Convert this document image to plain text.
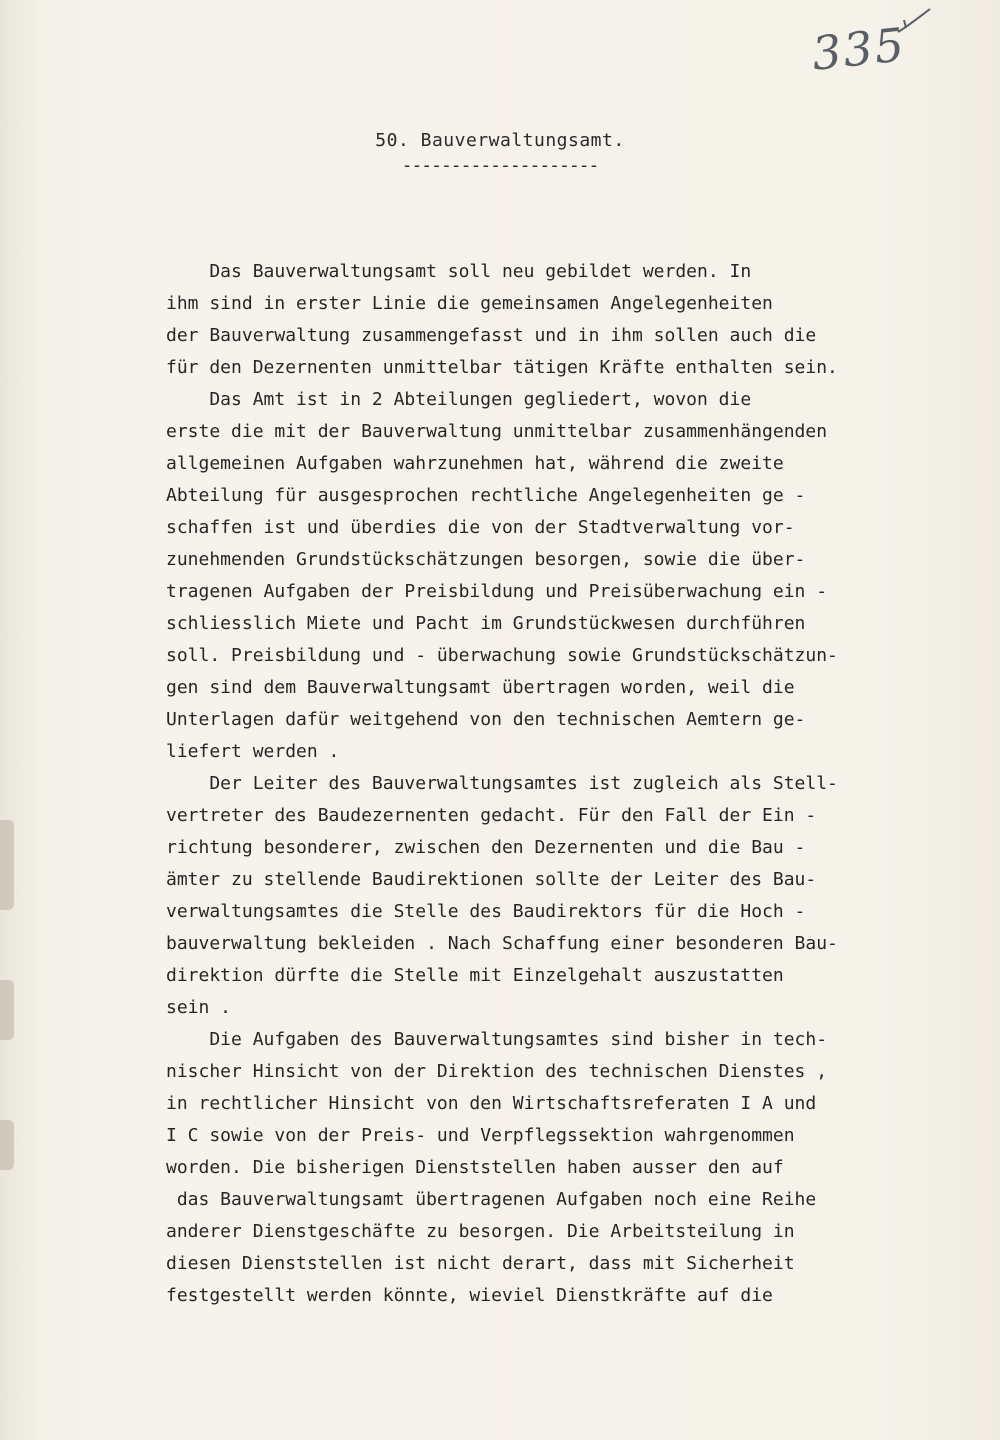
335
50. Bauverwaltungsamt.
--------------------
Das Bauverwaltungsamt soll neu gebildet werden. In
ihm sind in erster Linie die gemeinsamen Angelegenheiten
der Bauverwaltung zusammengefasst und in ihm sollen auch die
für den Dezernenten unmittelbar tätigen Kräfte enthalten sein.
Das Amt ist in 2 Abteilungen gegliedert, wovon die
erste die mit der Bauverwaltung unmittelbar zusammenhängenden
allgemeinen Aufgaben wahrzunehmen hat, während die zweite
Abteilung für ausgesprochen rechtliche Angelegenheiten ge -
schaffen ist und überdies die von der Stadtverwaltung vor-
zunehmenden Grundstückschätzungen besorgen, sowie die über-
tragenen Aufgaben der Preisbildung und Preisüberwachung ein -
schliesslich Miete und Pacht im Grundstückwesen durchführen
soll. Preisbildung und - überwachung sowie Grundstückschätzun-
gen sind dem Bauverwaltungsamt übertragen worden, weil die
Unterlagen dafür weitgehend von den technischen Aemtern ge-
liefert werden .
Der Leiter des Bauverwaltungsamtes ist zugleich als Stell-
vertreter des Baudezernenten gedacht. Für den Fall der Ein -
richtung besonderer, zwischen den Dezernenten und die Bau -
ämter zu stellende Baudirektionen sollte der Leiter des Bau-
verwaltungsamtes die Stelle des Baudirektors für die Hoch -
bauverwaltung bekleiden . Nach Schaffung einer besonderen Bau-
direktion dürfte die Stelle mit Einzelgehalt auszustatten
sein .
Die Aufgaben des Bauverwaltungsamtes sind bisher in tech-
nischer Hinsicht von der Direktion des technischen Dienstes ,
in rechtlicher Hinsicht von den Wirtschaftsreferaten I A und
I C sowie von der Preis- und Verpflegssektion wahrgenommen
worden. Die bisherigen Dienststellen haben ausser den auf
das Bauverwaltungsamt übertragenen Aufgaben noch eine Reihe
anderer Dienstgeschäfte zu besorgen. Die Arbeitsteilung in
diesen Dienststellen ist nicht derart, dass mit Sicherheit
festgestellt werden könnte, wieviel Dienstkräfte auf die
